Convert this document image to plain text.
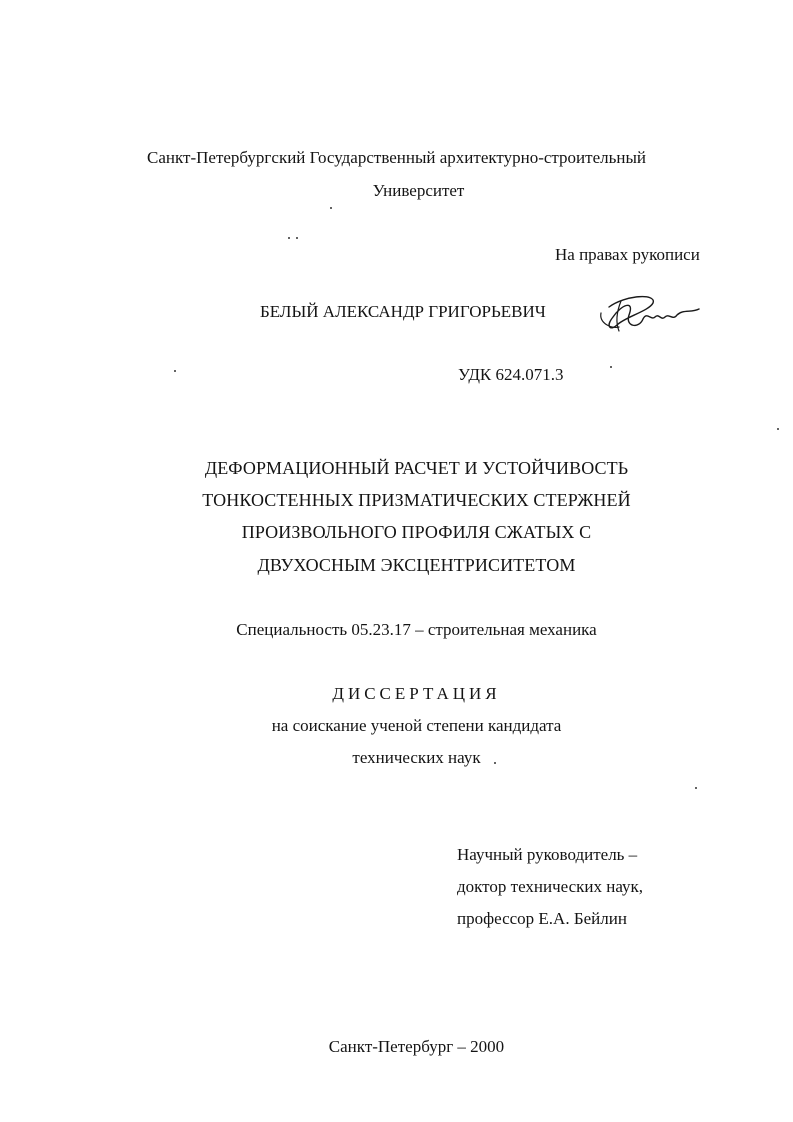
Санкт-Петербургский Государственный архитектурно-строительный
Университет
На правах рукописи
БЕЛЫЙ АЛЕКСАНДР ГРИГОРЬЕВИЧ
УДК 624.071.3
ДЕФОРМАЦИОННЫЙ РАСЧЕТ И УСТОЙЧИВОСТЬ
ТОНКОСТЕННЫХ ПРИЗМАТИЧЕСКИХ СТЕРЖНЕЙ
ПРОИЗВОЛЬНОГО ПРОФИЛЯ СЖАТЫХ С
ДВУХОСНЫМ ЭКСЦЕНТРИСИТЕТОМ
Специальность 05.23.17 – строительная механика
ДИССЕРТАЦИЯ
на соискание ученой степени кандидата
технических наук
Научный руководитель –
доктор технических наук,
профессор Е.А. Бейлин
Санкт-Петербург – 2000
